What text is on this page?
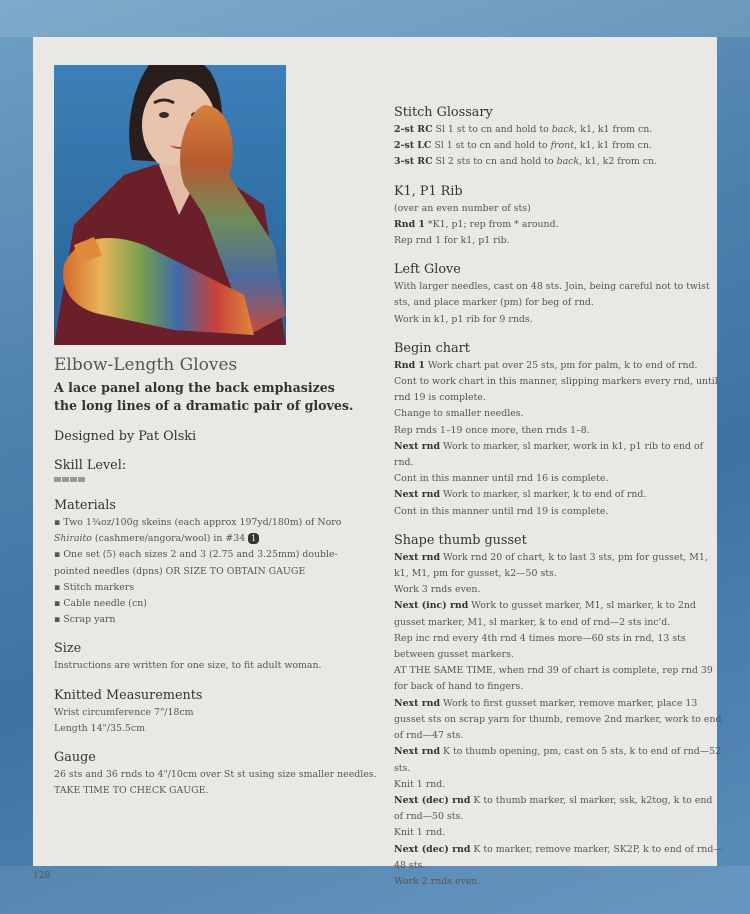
Elbow-Length Gloves

A lace panel along the back emphasizes the long lines of a dramatic pair of gloves.

Designed by Pat Olski
Skill Level:
Materials
▪ Two 1¾oz/100g skeins (each approx 197yd/180m) of Noro Shiraito (cashmere/angora/wool) in #34 1
▪ One set (5) each sizes 2 and 3 (2.75 and 3.25mm) double-pointed needles (dpns) OR SIZE TO OBTAIN GAUGE
▪ Stitch markers
▪ Cable needle (cn)
▪ Scrap yarn
Size
Instructions are written for one size, to fit adult woman.
Knitted Measurements
Wrist circumference 7"/18cm
Length 14"/35.5cm
Gauge
26 sts and 36 rnds to 4"/10cm over St st using size smaller needles.
TAKE TIME TO CHECK GAUGE.
Stitch Glossary
2-st RC Sl 1 st to cn and hold to back, k1, k1 from cn.
2-st LC Sl 1 st to cn and hold to front, k1, k1 from cn.
3-st RC Sl 2 sts to cn and hold to back, k1, k2 from cn.
K1, P1 Rib
(over an even number of sts)
Rnd 1 *K1, p1; rep from * around.
Rep rnd 1 for k1, p1 rib.
Left Glove
With larger needles, cast on 48 sts. Join, being careful not to twist sts, and place marker (pm) for beg of rnd.
Work in k1, p1 rib for 9 rnds.
Begin chart
Rnd 1 Work chart pat over 25 sts, pm for palm, k to end of rnd.
Cont to work chart in this manner, slipping markers every rnd, until rnd 19 is complete.
Change to smaller needles.
Rep rnds 1–19 once more, then rnds 1–8.
Next rnd Work to marker, sl marker, work in k1, p1 rib to end of rnd.
Cont in this manner until rnd 16 is complete.
Next rnd Work to marker, sl marker, k to end of rnd.
Cont in this manner until rnd 19 is complete.
Shape thumb gusset
Next rnd Work rnd 20 of chart, k to last 3 sts, pm for gusset, M1, k1, M1, pm for gusset, k2—50 sts.
Work 3 rnds even.
Next (inc) rnd Work to gusset marker, M1, sl marker, k to 2nd gusset marker, M1, sl marker, k to end of rnd—2 sts inc'd.
Rep inc rnd every 4th rnd 4 times more—60 sts in rnd, 13 sts between gusset markers.
AT THE SAME TIME, when rnd 39 of chart is complete, rep rnd 39 for back of hand to fingers.
Next rnd Work to first gusset marker, remove marker, place 13 gusset sts on scrap yarn for thumb, remove 2nd marker, work to end of rnd—47 sts.
Next rnd K to thumb opening, pm, cast on 5 sts, k to end of rnd—52 sts.
Knit 1 rnd.
Next (dec) rnd K to thumb marker, sl marker, ssk, k2tog, k to end of rnd—50 sts.
Knit 1 rnd.
Next (dec) rnd K to marker, remove marker, SK2P, k to end of rnd—48 sts.
Work 2 rnds even.
128
